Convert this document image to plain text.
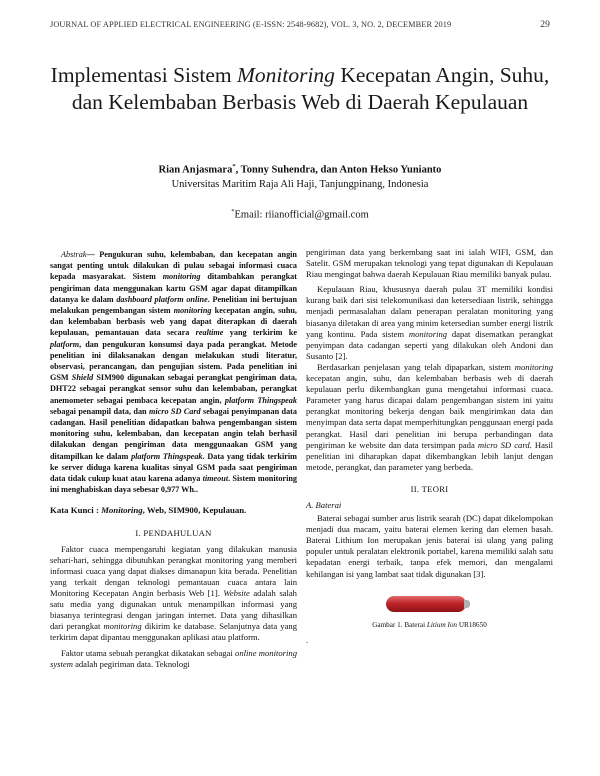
JOURNAL OF APPLIED ELECTRICAL ENGINEERING (E-ISSN: 2548-9682), VOL. 3, NO. 2, DECEMBER 2019	29
Implementasi Sistem Monitoring Kecepatan Angin, Suhu, dan Kelembaban Berbasis Web di Daerah Kepulauan
Rian Anjasmara*, Tonny Suhendra, dan Anton Hekso Yunianto
Universitas Maritim Raja Ali Haji, Tanjungpinang, Indonesia
*Email: riianofficial@gmail.com

Abstrak— Pengukuran suhu, kelembaban, dan kecepatan angin sangat penting untuk dilakukan di pulau sebagai informasi cuaca kepada masyarakat. Sistem monitoring ditambahkan perangkat pengiriman data menggunakan kartu GSM agar dapat ditampilkan datanya ke dalam dashboard platform online. Penelitian ini bertujuan melakukan pengembangan sistem monitoring kecepatan angin, suhu, dan kelembaban berbasis web yang dapat diterapkan di daerah kepulauan, pemantauan data secara realtime yang terkirim ke platform, dan pengukuran konsumsi daya pada perangkat. Metode penelitian ini dilaksanakan dengan melakukan studi literatur, observasi, perancangan, dan pengujian sistem. Pada penelitian ini GSM Shield SIM900 digunakan sebagai perangkat pengiriman data, DHT22 sebagai perangkat sensor suhu dan kelembaban, perangkat anemometer sebagai pembaca kecepatan angin, platform Thingspeak sebagai penampil data, dan micro SD Card sebagai penyimpanan data cadangan. Hasil penelitian didapatkan bahwa pengembangan sistem monitoring suhu, kelembaban, dan kecepatan angin telah berhasil dilakukan dengan pengiriman data menggunaakan GSM yang ditampilkan ke dalam platform Thingspeak. Data yang tidak terkirim ke server diduga karena kualitas sinyal GSM pada saat pengiriman data tidak cukup kuat atau karena adanya timeout. Sistem monitoring ini menghabiskan daya sebesar 0,977 Wh..

Kata Kunci : Monitoring, Web, SIM900, Kepulauan.

I. PENDAHULUAN

Faktor cuaca mempengaruhi kegiatan yang dilakukan manusia sehari-hari, sehingga dibutuhkan perangkat monitoring yang memberi informasi cuaca yang dapat diakses dimanapun kita berada. Penelitian yang terkait dengan teknologi pemantauan cuaca antara lain Monitoring Kecepatan Angin berbasis Web [1]. Website adalah salah satu media yang digunakan untuk menampilkan informasi yang biasanya terintegrasi dengan jaringan internet. Data yang dihasilkan dari perangkat monitoring dikirim ke database. Selanjutnya data yang terkirim dapat dipantau menggunakan aplikasi atau platform.

Faktor utama sebuah perangkat dikatakan sebagai online monitoring system adalah pegiriman data. Teknologi

pengiriman data yang berkembang saat ini ialah WIFI, GSM, dan Satelit. GSM merupakan teknologi yang tepat digunakan di Kepulauan Riau mengingat bahwa daerah Kepulauan Riau memiliki banyak pulau.

Kepulauan Riau, khususnya daerah pulau 3T memiliki kondisi kurang baik dari sisi telekomunikasi dan ketersediaan listrik, sehingga menjadi permasalahan dalam penerapan peralatan monitoring yang biasanya diletakan di area yang minim ketersedian sumber energi listrik yang kontinu. Pada sistem monitoring dapat disematkan perangkat penyimpan data cadangan seperti yang dilakukan oleh Andoni dan Susanto [2].

Berdasarkan penjelasan yang telah dipaparkan, sistem monitoring kecepatan angin, suhu, dan kelembaban berbasis web di daerah kepulauan perlu dikembangkan guna mengetahui informasi cuaca. Parameter yang harus dicapai dalam pengembangan sistem ini yaitu perangkat monitoring bekerja dengan baik mengirimkan data dan menyimpan data serta dapat memperhitungkan penggunaan energi pada perangkat. Hasil dari penelitian ini berupa perbandingan data pengiriman ke website dan data tersimpan pada micro SD card. Hasil penelitian ini diharapkan dapat dikembangkan lebih lanjut dengan metode, perangkat, dan parameter yang berbeda.

II. TEORI

A. Baterai

Baterai sebagai sumber arus listrik searah (DC) dapat dikelompokan menjadi dua macam, yaitu baterai elemen kering dan elemen basah. Baterai Lithium Ion merupakan jenis baterai isi ulang yang paling populer untuk peralatan elektronik portabel, karena memiliki salah satu kepadatan energi terbaik, tanpa efek memori, dan mengalami kehilangan isi yang lambat saat tidak digunakan [3].

Gambar 1. Baterai Litium Ion UR18650

.
